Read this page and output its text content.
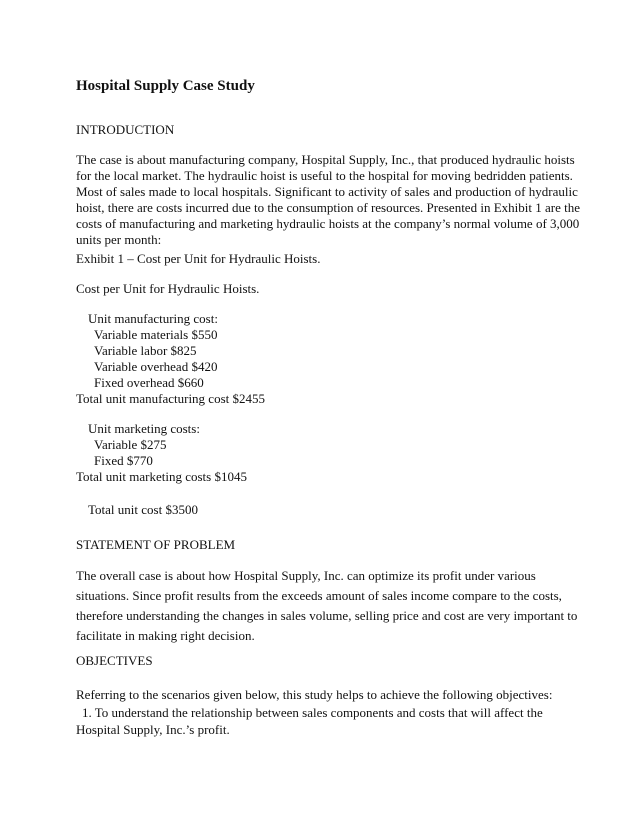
Hospital Supply Case Study
INTRODUCTION
The case is about manufacturing company, Hospital Supply, Inc., that produced hydraulic hoists
for the local market. The hydraulic hoist is useful to the hospital for moving bedridden patients.
Most of sales made to local hospitals. Significant to activity of sales and production of hydraulic
hoist, there are costs incurred due to the consumption of resources. Presented in Exhibit 1 are the
costs of manufacturing and marketing hydraulic hoists at the company’s normal volume of 3,000
units per month:
Exhibit 1 – Cost per Unit for Hydraulic Hoists.
Cost per Unit for Hydraulic Hoists.
Unit manufacturing cost:
Variable materials $550
Variable labor $825
Variable overhead $420
Fixed overhead $660
Total unit manufacturing cost $2455
Unit marketing costs:
Variable $275
Fixed $770
Total unit marketing costs $1045
Total unit cost $3500
STATEMENT OF PROBLEM
The overall case is about how Hospital Supply, Inc. can optimize its profit under various
situations. Since profit results from the exceeds amount of sales income compare to the costs,
therefore understanding the changes in sales volume, selling price and cost are very important to
facilitate in making right decision.
OBJECTIVES
Referring to the scenarios given below, this study helps to achieve the following objectives:
1. To understand the relationship between sales components and costs that will affect the
Hospital Supply, Inc.’s profit.
